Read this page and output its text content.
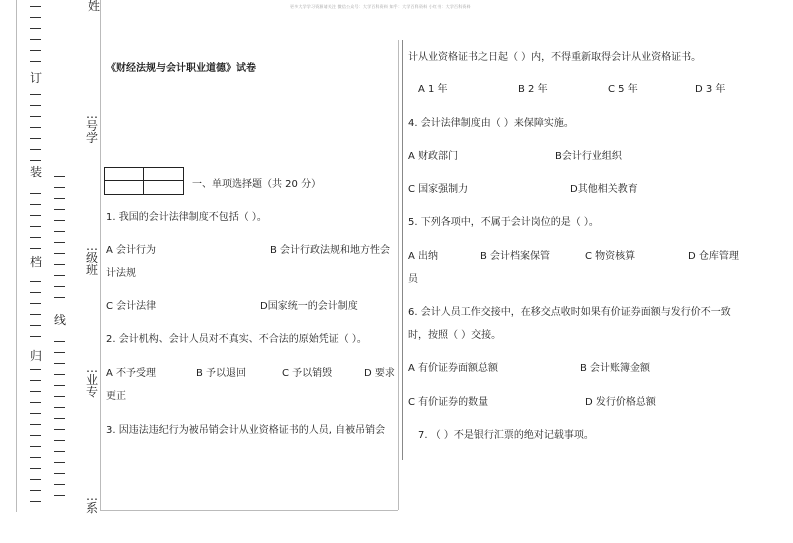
订
装
档
归
姓
…号学
…级班
线
…业专
…系
更多大学学习资源请关注 微信公众号：大学百科资料 知乎：大学百科资料 小红书：大学百科资料
《财经法规与会计职业道德》试卷
一、单项选择题（共 20 分）
1. 我国的会计法律制度不包括（ ）。
A 会计行为	B 会计行政法规和地方性会
计法规
C 会计法律	D国家统一的会计制度
2. 会计机构、会计人员对不真实、不合法的原始凭证（ ）。
A 不予受理	B 予以退回	C 予以销毁	D 要求
更正
3. 因违法违纪行为被吊销会计从业资格证书的人员, 自被吊销会
计从业资格证书之日起（ ）内，不得重新取得会计从业资格证书。
A 1 年	B 2 年	C 5 年	D 3 年
4. 会计法律制度由（ ）来保障实施。
A 财政部门	B会计行业组织
C 国家强制力	D其他相关教育
5. 下列各项中，不属于会计岗位的是（ ）。
A 出纳	B 会计档案保管	C 物资核算	D 仓库管理
员
6. 会计人员工作交接中，在移交点收时如果有价证券面额与发行价不一致
时，按照（ ）交接。
A 有价证券面额总额	B 会计账簿金额
C 有价证券的数量	D 发行价格总额
7. （ ）不是银行汇票的绝对记载事项。
